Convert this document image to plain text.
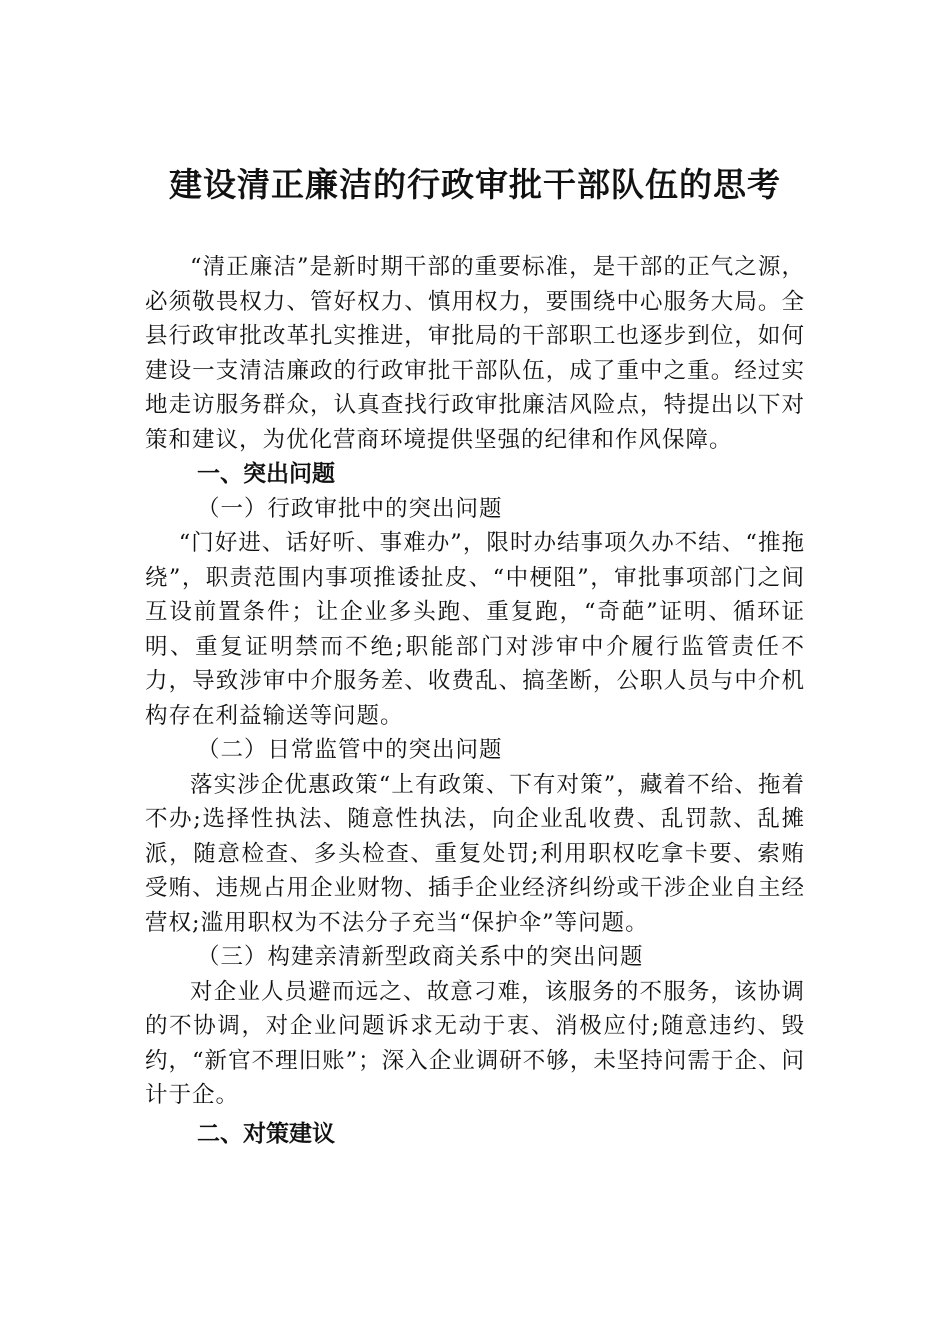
建设清正廉洁的行政审批干部队伍的思考

“清正廉洁”是新时期干部的重要标准，是干部的正气之源，必须敬畏权力、管好权力、慎用权力，要围绕中心服务大局。全县行政审批改革扎实推进，审批局的干部职工也逐步到位，如何建设一支清洁廉政的行政审批干部队伍，成了重中之重。经过实地走访服务群众，认真查找行政审批廉洁风险点，特提出以下对策和建议，为优化营商环境提供坚强的纪律和作风保障。

一、突出问题
（一）行政审批中的突出问题

“门好进、话好听、事难办”，限时办结事项久办不结、“推拖绕”，职责范围内事项推诿扯皮、“中梗阻”，审批事项部门之间互设前置条件；让企业多头跑、重复跑，“奇葩”证明、循环证明、重复证明禁而不绝;职能部门对涉审中介履行监管责任不力，导致涉审中介服务差、收费乱、搞垄断，公职人员与中介机构存在利益输送等问题。

（二）日常监管中的突出问题

落实涉企优惠政策“上有政策、下有对策”，藏着不给、拖着不办;选择性执法、随意性执法，向企业乱收费、乱罚款、乱摊派，随意检查、多头检查、重复处罚;利用职权吃拿卡要、索贿受贿、违规占用企业财物、插手企业经济纠纷或干涉企业自主经营权;滥用职权为不法分子充当“保护伞”等问题。

（三）构建亲清新型政商关系中的突出问题

对企业人员避而远之、故意刁难，该服务的不服务，该协调的不协调，对企业问题诉求无动于衷、消极应付;随意违约、毁约，“新官不理旧账”；深入企业调研不够，未坚持问需于企、问计于企。

二、对策建议
